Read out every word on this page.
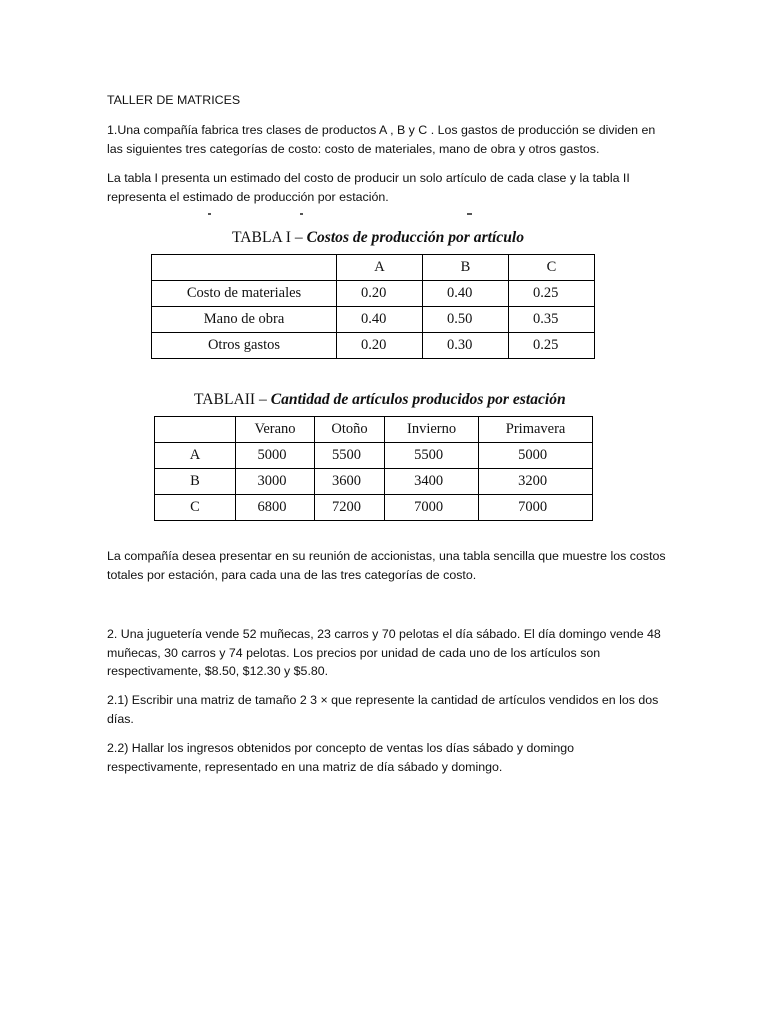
TALLER DE MATRICES

1.Una compañía fabrica tres clases de productos A , B y C . Los gastos de producción se dividen en las siguientes tres categorías de costo: costo de materiales, mano de obra y otros gastos.

La tabla I presenta un estimado del costo de producir un solo artículo de cada clase y la tabla II representa el estimado de producción por estación.

TABLA I – Costos de producción por artículo
	A	B	C
Costo de materiales	0.20	0.40	0.25
Mano de obra	0.40	0.50	0.35
Otros gastos	0.20	0.30	0.25
TABLAII – Cantidad de artículos producidos por estación
	Verano	Otoño	Invierno	Primavera
A	5000	5500	5500	5000
B	3000	3600	3400	3200
C	6800	7200	7000	7000

La compañía desea presentar en su reunión de accionistas, una tabla sencilla que muestre los costos totales por estación, para cada una de las tres categorías de costo.

2. Una juguetería vende 52 muñecas, 23 carros y 70 pelotas el día sábado. El día domingo vende 48 muñecas, 30 carros y 74 pelotas. Los precios por unidad de cada uno de los artículos son respectivamente, $8.50, $12.30 y $5.80.

2.1) Escribir una matriz de tamaño 2 3 × que represente la cantidad de artículos vendidos en los dos días.

2.2) Hallar los ingresos obtenidos por concepto de ventas los días sábado y domingo respectivamente, representado en una matriz de día sábado y domingo.
